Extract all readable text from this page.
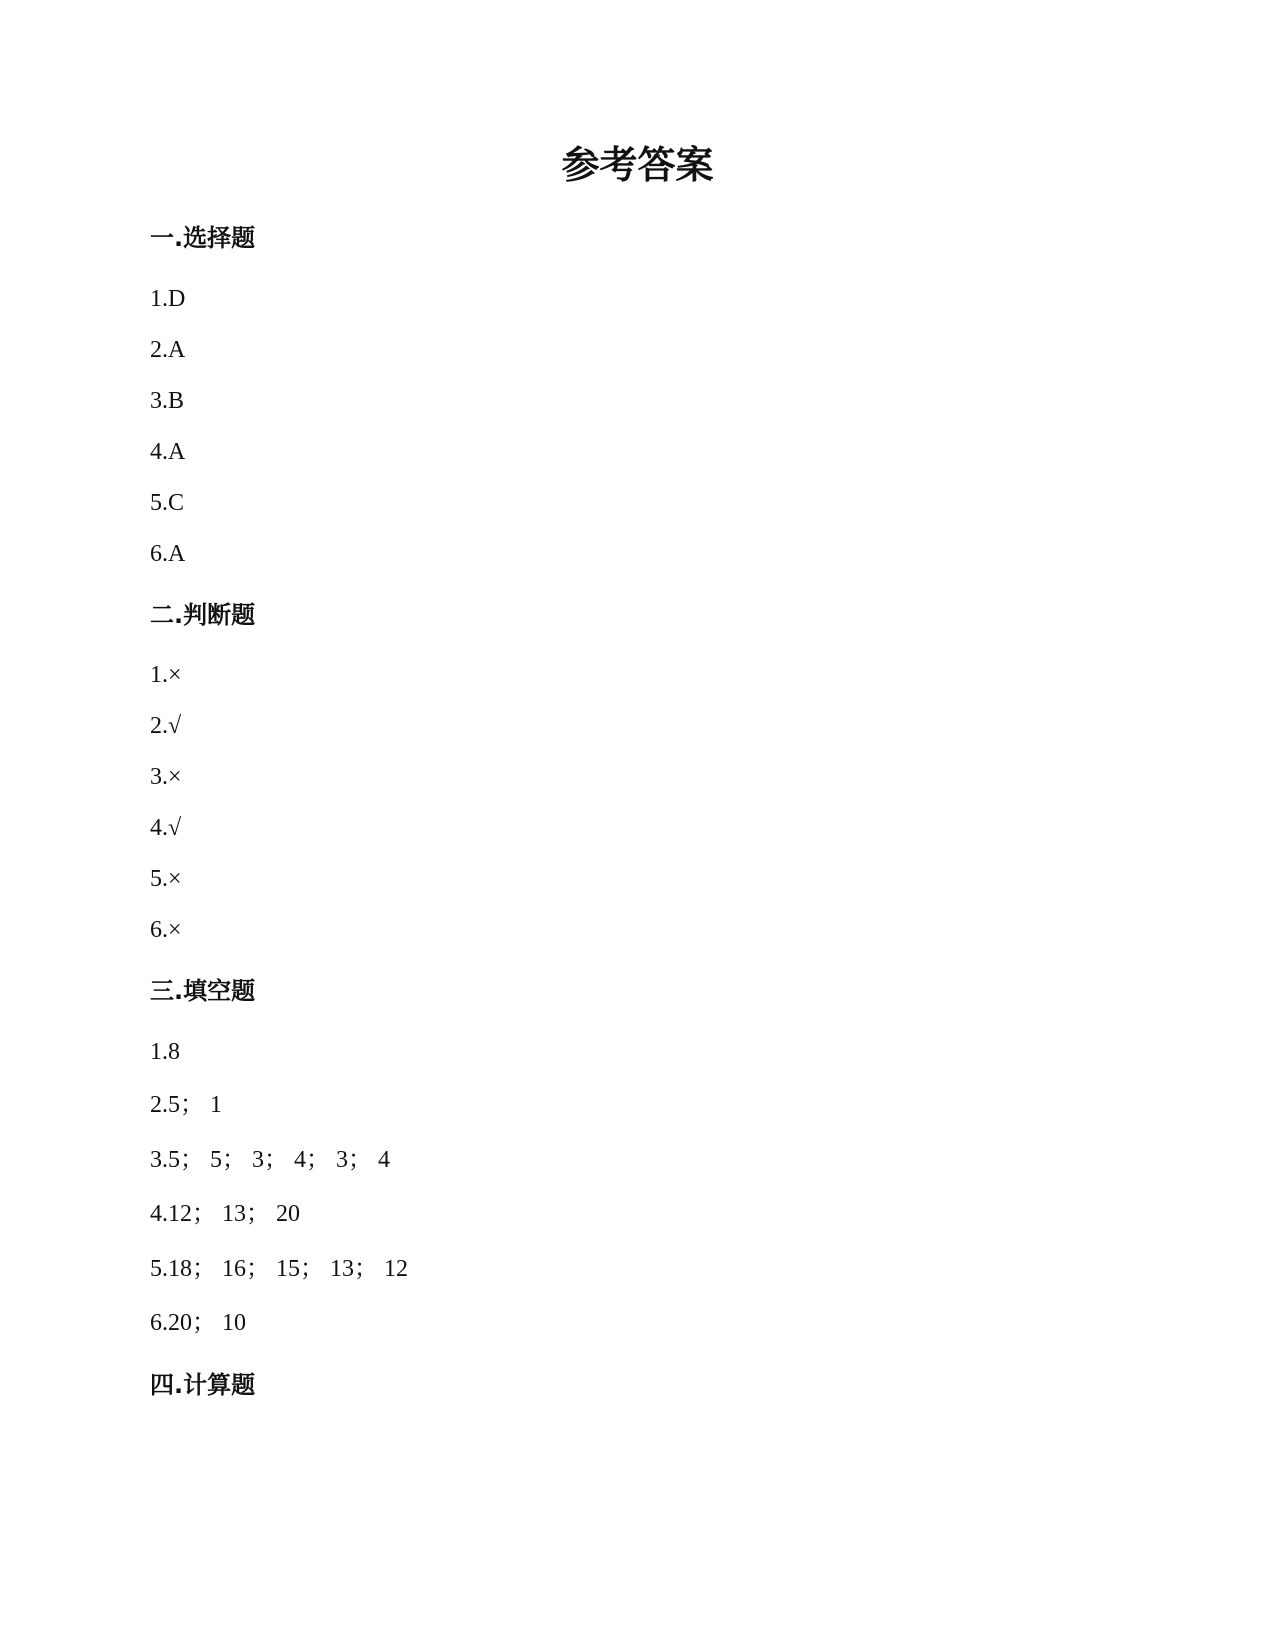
参考答案
一.选择题
1.D
2.A
3.B
4.A
5.C
6.A
二.判断题
1.×
2.√
3.×
4.√
5.×
6.×
三.填空题
1.8
2.5； 1
3.5； 5； 3； 4； 3； 4
4.12； 13； 20
5.18； 16； 15； 13； 12
6.20； 10
四.计算题
